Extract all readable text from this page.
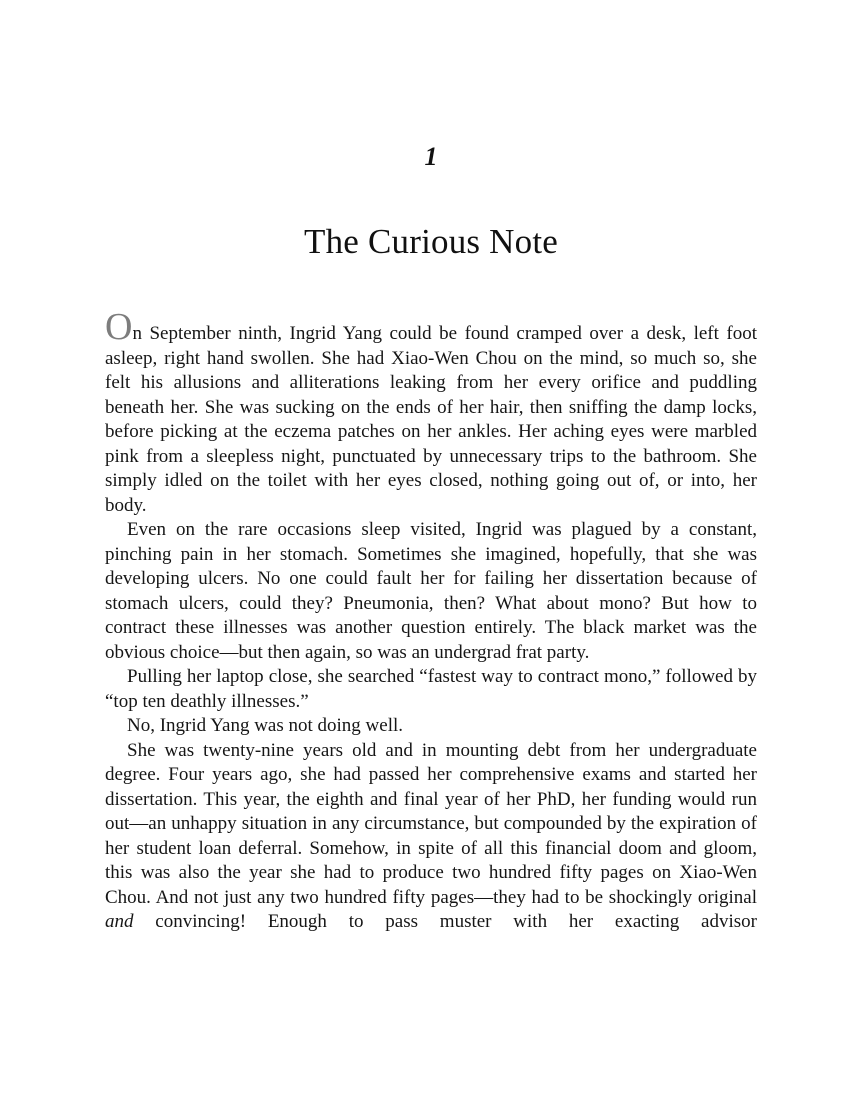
1
The Curious Note

On September ninth, Ingrid Yang could be found cramped over a desk, left foot asleep, right hand swollen. She had Xiao-Wen Chou on the mind, so much so, she felt his allusions and alliterations leaking from her every orifice and puddling beneath her. She was sucking on the ends of her hair, then sniffing the damp locks, before picking at the eczema patches on her ankles. Her aching eyes were marbled pink from a sleepless night, punctuated by unnecessary trips to the bathroom. She simply idled on the toilet with her eyes closed, nothing going out of, or into, her body.

Even on the rare occasions sleep visited, Ingrid was plagued by a constant, pinching pain in her stomach. Sometimes she imagined, hopefully, that she was developing ulcers. No one could fault her for failing her dissertation because of stomach ulcers, could they? Pneumonia, then? What about mono? But how to contract these illnesses was another question entirely. The black market was the obvious choice—but then again, so was an undergrad frat party.

Pulling her laptop close, she searched “fastest way to contract mono,” followed by “top ten deathly illnesses.”

No, Ingrid Yang was not doing well.

She was twenty-nine years old and in mounting debt from her undergraduate degree. Four years ago, she had passed her comprehensive exams and started her dissertation. This year, the eighth and final year of her PhD, her funding would run out—an unhappy situation in any circumstance, but compounded by the expiration of her student loan deferral. Somehow, in spite of all this financial doom and gloom, this was also the year she had to produce two hundred fifty pages on Xiao-Wen Chou. And not just any two hundred fifty pages—they had to be shockingly original and convincing! Enough to pass muster with her exacting advisor
